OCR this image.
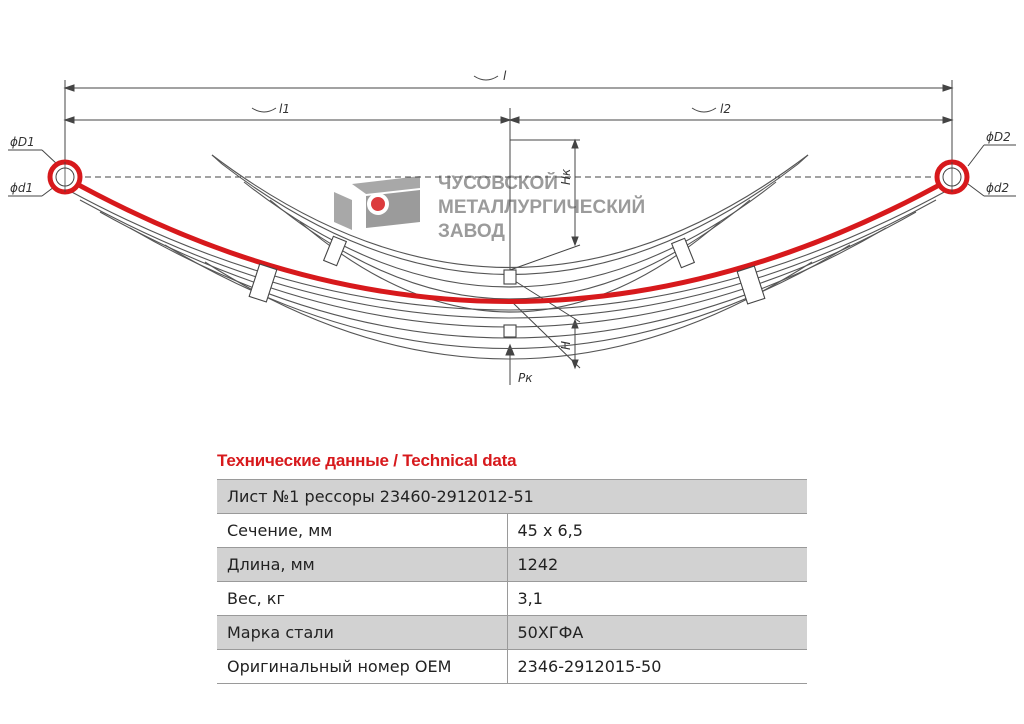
ЧУСОВСКОЙ
МЕТАЛЛУРГИЧЕСКИЙ
ЗАВОД
l
l1	l2
ϕD1
ϕd1
ϕD2
ϕd2
Hк
H
Pк
Технические данные / Technical data
Лист №1 рессоры 23460-2912012-51	
Сечение, мм	45 х 6,5
Длина, мм	1242
Вес, кг	3,1
Марка стали	50ХГФА
Оригинальный номер OEM	2346-2912015-50
